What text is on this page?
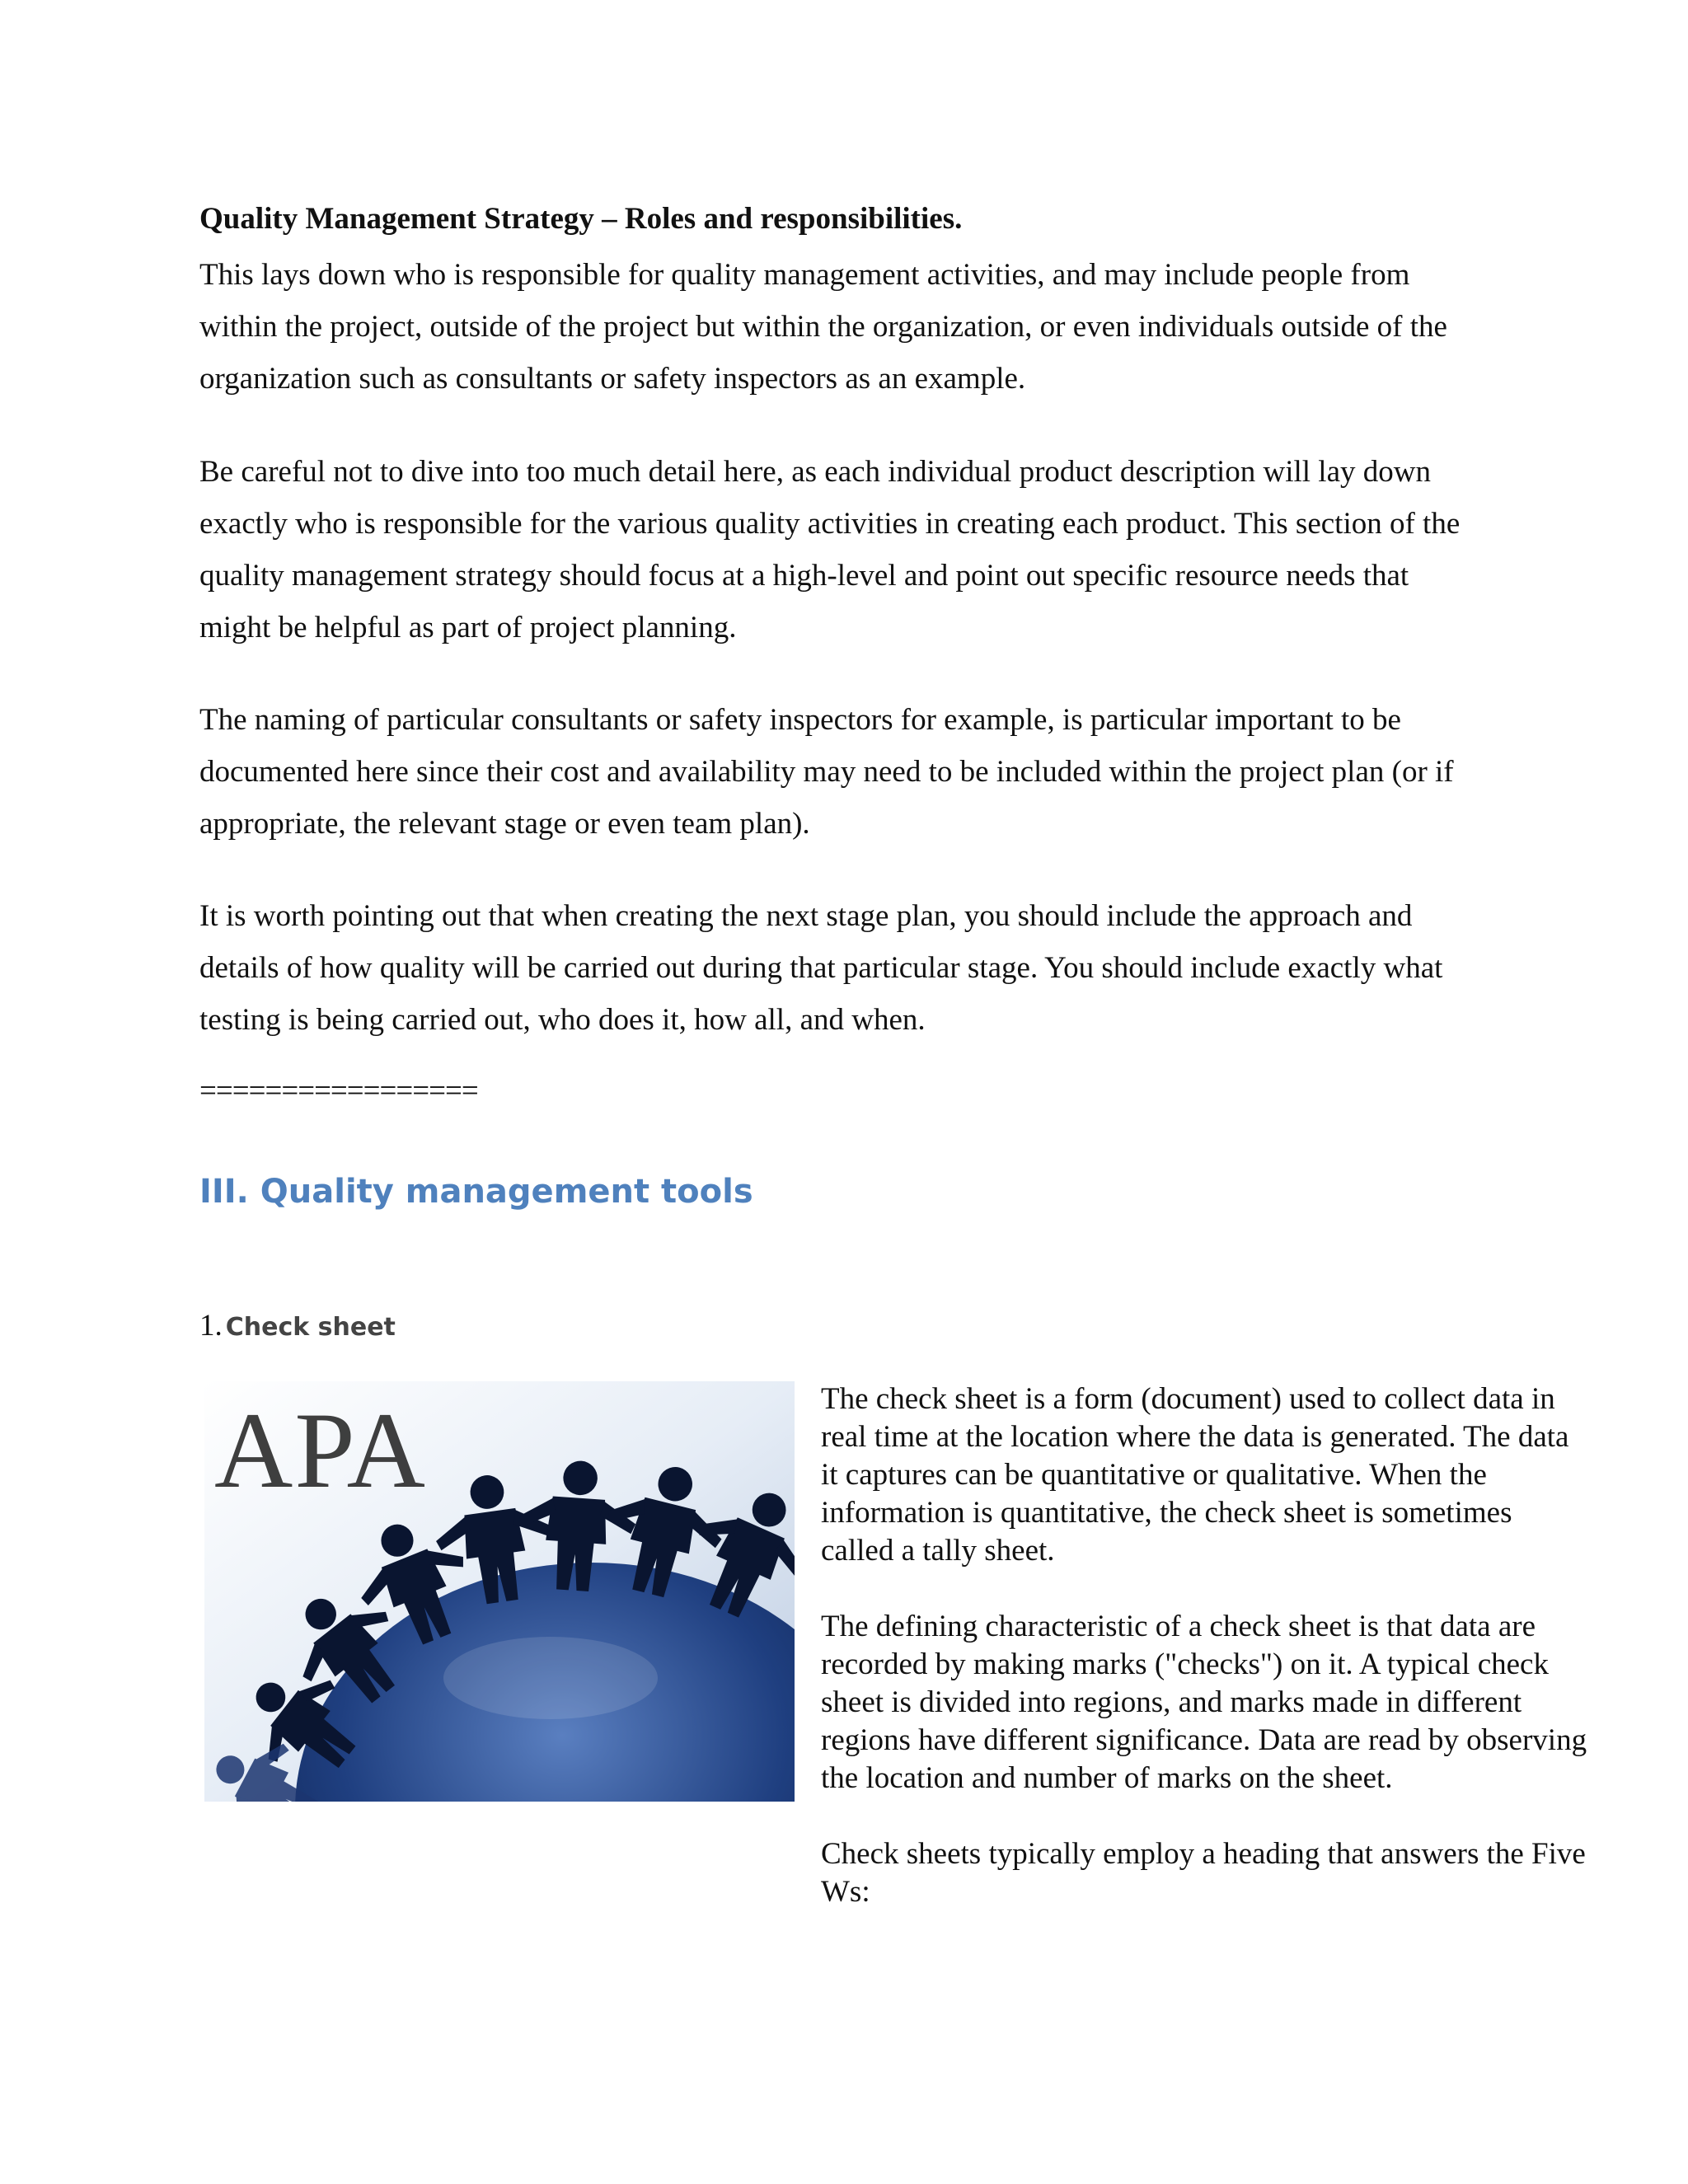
Quality Management Strategy – Roles and responsibilities.

This lays down who is responsible for quality management activities, and may include people from within the project, outside of the project but within the organization, or even individuals outside of the organization such as consultants or safety inspectors as an example.

Be careful not to dive into too much detail here, as each individual product description will lay down exactly who is responsible for the various quality activities in creating each product. This section of the quality management strategy should focus at a high-level and point out specific resource needs that might be helpful as part of project planning.

The naming of particular consultants or safety inspectors for example, is particular important to be documented here since their cost and availability may need to be included within the project plan (or if appropriate, the relevant stage or even team plan).

It is worth pointing out that when creating the next stage plan, you should include the approach and details of how quality will be carried out during that particular stage. You should include exactly what testing is being carried out, who does it, how all, and when.

=================

III. Quality management tools

1. Check sheet

APA	The check sheet is a form (document) used to collect data in real time at the location where the data is generated. The data it captures can be quantitative or qualitative. When the information is quantitative, the check sheet is sometimes called a tally sheet.

The defining characteristic of a check sheet is that data are recorded by making marks ("checks") on it. A typical check sheet is divided into regions, and marks made in different regions have different significance. Data are read by observing the location and number of marks on the sheet.

Check sheets typically employ a heading that answers the Five Ws:
